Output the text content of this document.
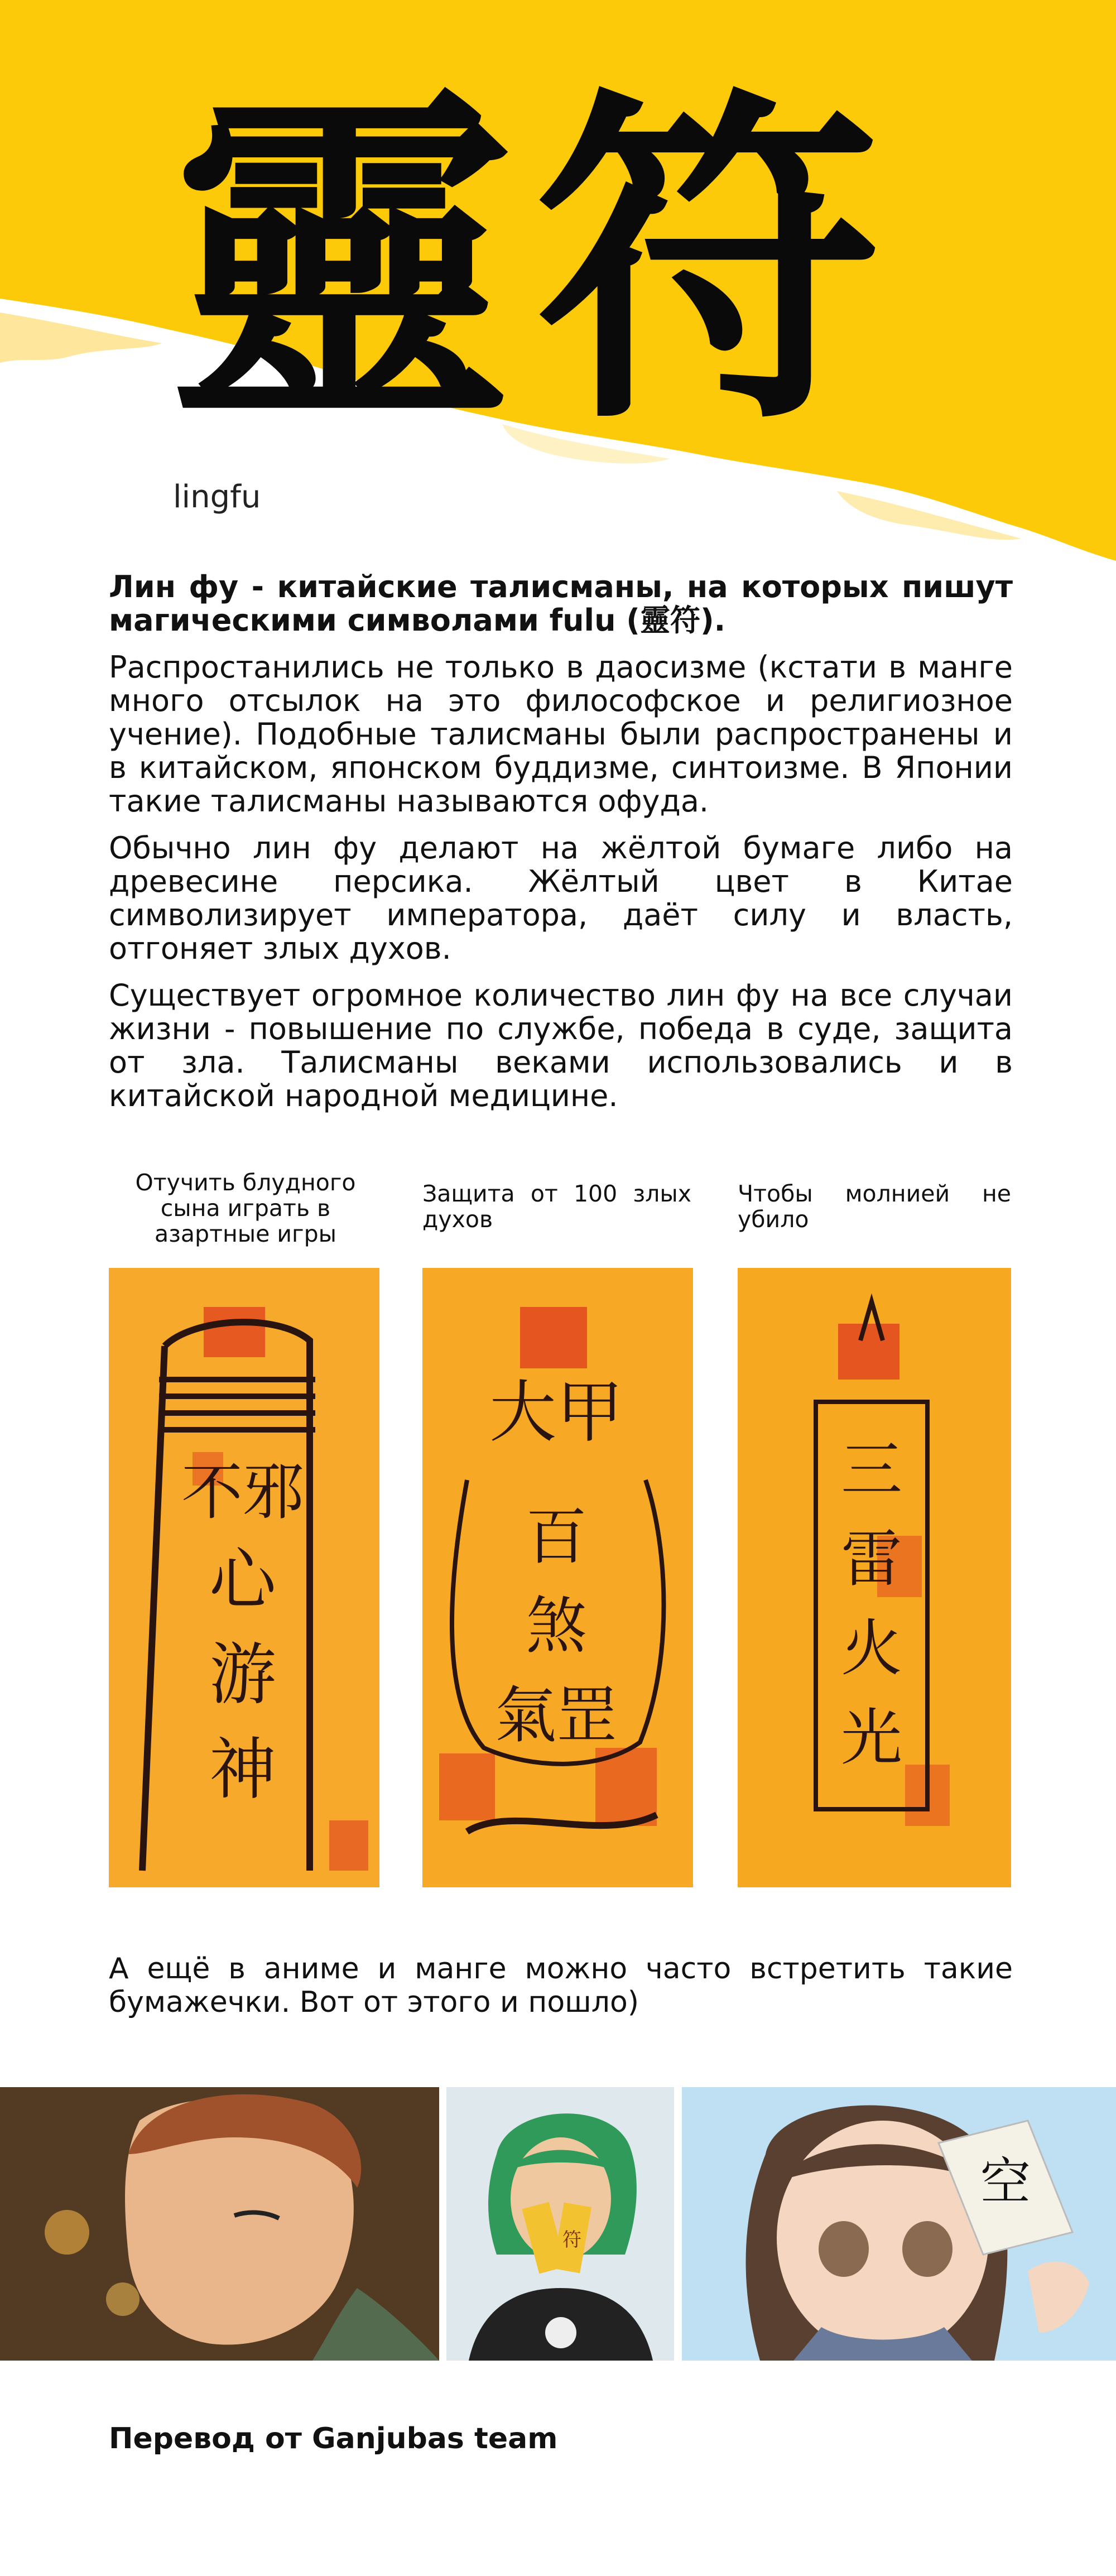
靈符
lingfu

Лин фу - китайские талисманы, на которых пишут магическими символами fulu (靈符).

Распростанились не только в даосизме (кстати в манге много отсылок на это философское и религиозное учение). Подобные талисманы были распространены и в китайском, японском буддизме, синтоизме. В Японии такие талисманы называются офуда.

Обычно лин фу делают на жёлтой бумаге либо на древесине персика. Жёлтый цвет в Китае символизирует императора, даёт силу и власть, отгоняет злых духов.

Существует огромное количество лин фу на все случаи жизни - повышение по службе, победа в суде, защита от зла. Талисманы веками использовались и в китайской народной медицине.

Отучить блудного сына играть в азартные игры
Защита от 100 злых духов
Чтобы молнией не убило
不邪
心
游
神
大甲
百
煞
氣罡
三
雷
火
光
А ещё в аниме и манге можно часто встретить такие бумажечки. Вот от этого и пошло)
符
空
Перевод от Ganjubas team
